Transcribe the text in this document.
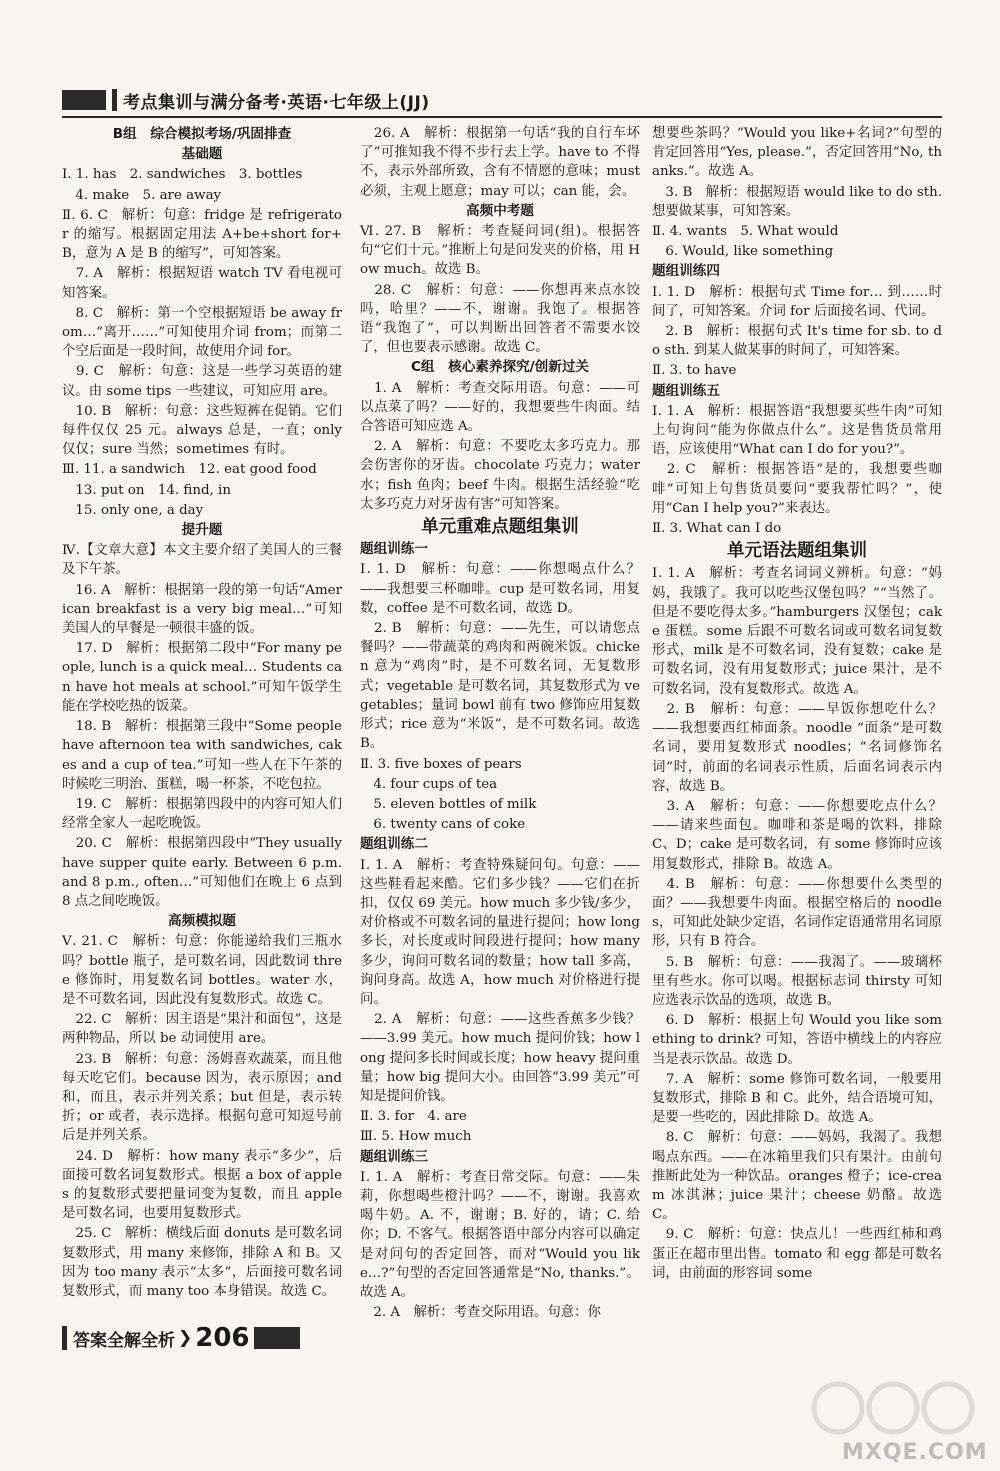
考点集训与满分备考·英语·七年级上(JJ)
B组　综合模拟考场/巩固排查
基础题
Ⅰ. 1. has　2. sandwiches　3. bottles
　4. make　5. are away
Ⅱ. 6. C　解析：句意：fridge 是 refrigerator 的缩写。根据固定用法 A+be+short for+B，意为 A 是 B 的缩写”，可知答案。
　7. A　解析：根据短语 watch TV 看电视可知答案。
　8. C　解析：第一个空根据短语 be away from…“离开……”可知使用介词 from；而第二个空后面是一段时间，故使用介词 for。
　9. C　解析：句意：这是一些学习英语的建议。由 some tips 一些建议，可知应用 are。
　10. B　解析：句意：这些短裤在促销。它们每件仅仅 25 元。always 总是，一直；only 仅仅；sure 当然；sometimes 有时。
Ⅲ. 11. a sandwich　12. eat good food
　13. put on　14. find, in
　15. only one, a day
提升题
Ⅳ.【文章大意】本文主要介绍了美国人的三餐及下午茶。
　16. A　解析：根据第一段的第一句话“American breakfast is a very big meal…”可知美国人的早餐是一顿很丰盛的饭。
　17. D　解析：根据第二段中“For many people, lunch is a quick meal… Students can have hot meals at school.”可知午饭学生能在学校吃热的饭菜。
　18. B　解析：根据第三段中“Some people have afternoon tea with sandwiches, cakes and a cup of tea.”可知一些人在下午茶的时候吃三明治、蛋糕，喝一杯茶，不吃包拉。
　19. C　解析：根据第四段中的内容可知人们经常全家人一起吃晚饭。
　20. C　解析：根据第四段中“They usually have supper quite early. Between 6 p.m. and 8 p.m., often…”可知他们在晚上 6 点到 8 点之间吃晚饭。
高频模拟题
Ⅴ. 21. C　解析：句意：你能递给我们三瓶水吗？bottle 瓶子，是可数名词，因此数词 three 修饰时，用复数名词 bottles。water 水，是不可数名词，因此没有复数形式。故选 C。
　22. C　解析：因主语是“果汁和面包”，这是两种物品，所以 be 动词使用 are。
　23. B　解析：句意：汤姆喜欢蔬菜，而且他每天吃它们。because 因为，表示原因；and 和，而且，表示并列关系；but 但是，表示转折；or 或者，表示选择。根据句意可知逗号前后是并列关系。
　24. D　解析：how many 表示“多少”，后面接可数名词复数形式。根据 a box of apples 的复数形式要把量词变为复数，而且 apple 是可数名词，也要用复数形式。
　25. C　解析：横线后面 donuts 是可数名词复数形式，用 many 来修饰，排除 A 和 B。又因为 too many 表示“太多”，后面接可数名词复数形式，而 many too 本身错误。故选 C。
　26. A　解析：根据第一句话“我的自行车坏了”可推知我不得不步行去上学。have to 不得不，表示外部所致，含有不情愿的意味；must 必须，主观上愿意；may 可以；can 能，会。
高频中考题
Ⅵ. 27. B　解析：考查疑问词(组)。根据答句“它们十元。”推断上句是问发夹的价格，用 How much。故选 B。
　28. C　解析：句意：——你想再来点水饺吗，哈里？——不，谢谢。我饱了。根据答语“我饱了”，可以判断出回答者不需要水饺了，但也要表示感谢。故选 C。
C组　核心素养探究/创新过关
　1. A　解析：考查交际用语。句意：——可以点菜了吗？——好的，我想要些牛肉面。结合答语可知应选 A。
　2. A　解析：句意：不要吃太多巧克力。那会伤害你的牙齿。chocolate 巧克力；water 水；fish 鱼肉；beef 牛肉。根据生活经验“吃太多巧克力对牙齿有害”可知答案。
单元重难点题组集训
题组训练一
Ⅰ. 1. D　解析：句意：——你想喝点什么？——我想要三杯咖啡。cup 是可数名词，用复数，coffee 是不可数名词，故选 D。
　2. B　解析：句意：——先生，可以请您点餐吗？——带蔬菜的鸡肉和两碗米饭。chicken 意为“鸡肉”时，是不可数名词，无复数形式；vegetable 是可数名词，其复数形式为 vegetables；量词 bowl 前有 two 修饰应用复数形式；rice 意为“米饭”，是不可数名词。故选 B。
Ⅱ. 3. five boxes of pears
　4. four cups of tea
　5. eleven bottles of milk
　6. twenty cans of coke
题组训练二
Ⅰ. 1. A　解析：考查特殊疑问句。句意：——这些鞋看起来酷。它们多少钱？——它们在折扣，仅仅 69 美元。how much 多少钱/多少，对价格或不可数名词的量进行提问；how long 多长，对长度或时间段进行提问；how many 多少，询问可数名词的数量；how tall 多高，询问身高。故选 A，how much 对价格进行提问。
　2. A　解析：句意：——这些香蕉多少钱？——3.99 美元。how much 提问价钱；how long 提问多长时间或长度；how heavy 提问重量；how big 提问大小。由回答“3.99 美元”可知是提问价钱。
Ⅱ. 3. for　4. are
Ⅲ. 5. How much
题组训练三
Ⅰ. 1. A　解析：考查日常交际。句意：——朱莉，你想喝些橙汁吗？——不，谢谢。我喜欢喝牛奶。A. 不，谢谢；B. 好的，请；C. 给你；D. 不客气。根据答语中部分内容可以确定是对问句的否定回答，而对“Would you like…?”句型的否定回答通常是“No, thanks.”。故选 A。
　2. A　解析：考查交际用语。句意：你
想要些茶吗？“Would you like+名词?”句型的肯定回答用“Yes, please.”，否定回答用“No, thanks.”。故选 A。
　3. B　解析：根据短语 would like to do sth. 想要做某事，可知答案。
Ⅱ. 4. wants　5. What would
　6. Would, like something
题组训练四
Ⅰ. 1. D　解析：根据句式 Time for… 到……时间了，可知答案。介词 for 后面接名词、代词。
　2. B　解析：根据句式 It's time for sb. to do sth. 到某人做某事的时间了，可知答案。
Ⅱ. 3. to have
题组训练五
Ⅰ. 1. A　解析：根据答语“我想要买些牛肉”可知上句询问“能为你做点什么”。这是售货员常用语，应该使用“What can I do for you?”。
　2. C　解析：根据答语“是的，我想要些咖啡”可知上句售货员要问“要我帮忙吗？”，使用“Can I help you?”来表达。
Ⅱ. 3. What can I do
单元语法题组集训
Ⅰ. 1. A　解析：考查名词词义辨析。句意：“妈妈，我饿了。我可以吃些汉堡包吗？”“当然了。但是不要吃得太多。”hamburgers 汉堡包；cake 蛋糕。some 后跟不可数名词或可数名词复数形式，milk 是不可数名词，没有复数；cake 是可数名词，没有用复数形式；juice 果汁，是不可数名词，没有复数形式。故选 A。
　2. B　解析：句意：——早饭你想吃什么？——我想要西红柿面条。noodle “面条”是可数名词，要用复数形式 noodles；“名词修饰名词”时，前面的名词表示性质，后面名词表示内容，故选 B。
　3. A　解析：句意：——你想要吃点什么？——请来些面包。咖啡和茶是喝的饮料，排除 C、D；cake 是可数名词，有 some 修饰时应该用复数形式，排除 B。故选 A。
　4. B　解析：句意：——你想要什么类型的面？——我想要牛肉面。根据空格后的 noodles，可知此处缺少定语，名词作定语通常用名词原形，只有 B 符合。
　5. B　解析：句意：——我渴了。——玻璃杯里有些水。你可以喝。根据标志词 thirsty 可知应选表示饮品的选项，故选 B。
　6. D　解析：根据上句 Would you like something to drink? 可知，答语中横线上的内容应当是表示饮品。故选 D。
　7. A　解析：some 修饰可数名词，一般要用复数形式，排除 B 和 C。此外，结合语境可知，是要一些吃的，因此排除 D。故选 A。
　8. C　解析：句意：——妈妈，我渴了。我想喝点东西。——在冰箱里我们只有果汁。由前句推断此处为一种饮品。oranges 橙子；ice-cream 冰淇淋；juice 果汁；cheese 奶酪。故选 C。
　9. C　解析：句意：快点儿！一些西红柿和鸡蛋正在超市里出售。tomato 和 egg 都是可数名词，由前面的形容词 some
答案全解全析 ❯ 206
MXQE.COM
